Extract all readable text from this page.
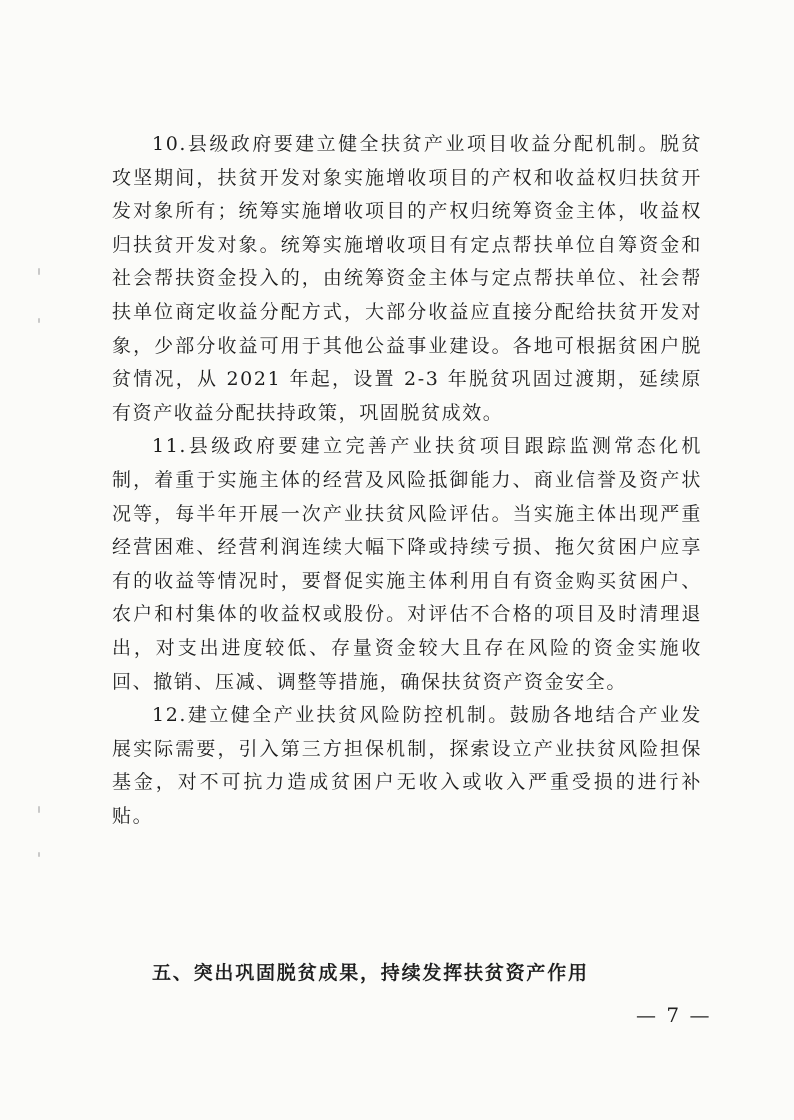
10.县级政府要建立健全扶贫产业项目收益分配机制。脱贫攻坚期间，扶贫开发对象实施增收项目的产权和收益权归扶贫开发对象所有；统筹实施增收项目的产权归统筹资金主体，收益权归扶贫开发对象。统筹实施增收项目有定点帮扶单位自筹资金和社会帮扶资金投入的，由统筹资金主体与定点帮扶单位、社会帮扶单位商定收益分配方式，大部分收益应直接分配给扶贫开发对象，少部分收益可用于其他公益事业建设。各地可根据贫困户脱贫情况，从 2021 年起，设置 2-3 年脱贫巩固过渡期，延续原有资产收益分配扶持政策，巩固脱贫成效。

11.县级政府要建立完善产业扶贫项目跟踪监测常态化机制，着重于实施主体的经营及风险抵御能力、商业信誉及资产状况等，每半年开展一次产业扶贫风险评估。当实施主体出现严重经营困难、经营利润连续大幅下降或持续亏损、拖欠贫困户应享有的收益等情况时，要督促实施主体利用自有资金购买贫困户、农户和村集体的收益权或股份。对评估不合格的项目及时清理退出，对支出进度较低、存量资金较大且存在风险的资金实施收回、撤销、压减、调整等措施，确保扶贫资产资金安全。

12.建立健全产业扶贫风险防控机制。鼓励各地结合产业发展实际需要，引入第三方担保机制，探索设立产业扶贫风险担保基金，对不可抗力造成贫困户无收入或收入严重受损的进行补贴。

五、突出巩固脱贫成果，持续发挥扶贫资产作用
— 7 —
